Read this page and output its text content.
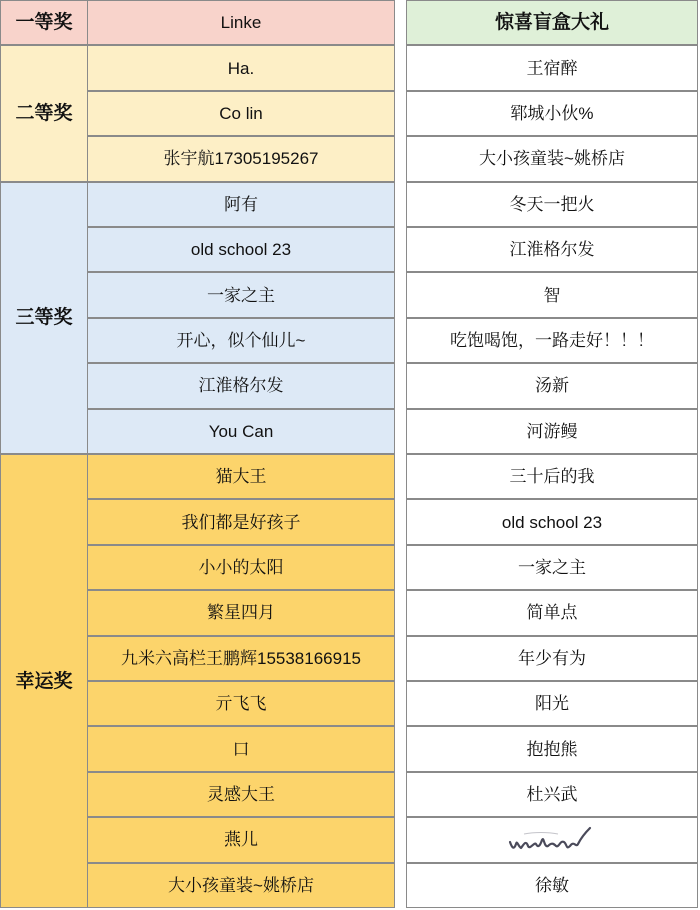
一等奖
二等奖
三等奖
幸运奖
Linke
Ha.
Co lin
张宇航17305195267
阿有
old school 23
一家之主
开心，似个仙儿~
江淮格尔发
You Can
猫大王
我们都是好孩子
小小的太阳
繁星四月
九米六高栏王鹏辉15538166915
亓飞飞
口
灵感大王
燕儿
大小孩童装~姚桥店
惊喜盲盒大礼
王宿醉
郓城小伙%
大小孩童装~姚桥店
冬天一把火
江淮格尔发
智
吃饱喝饱，一路走好！！！
汤新
河游鳗
三十后的我
old school 23
一家之主
简单点
年少有为
阳光
抱抱熊
杜兴武
徐敏
